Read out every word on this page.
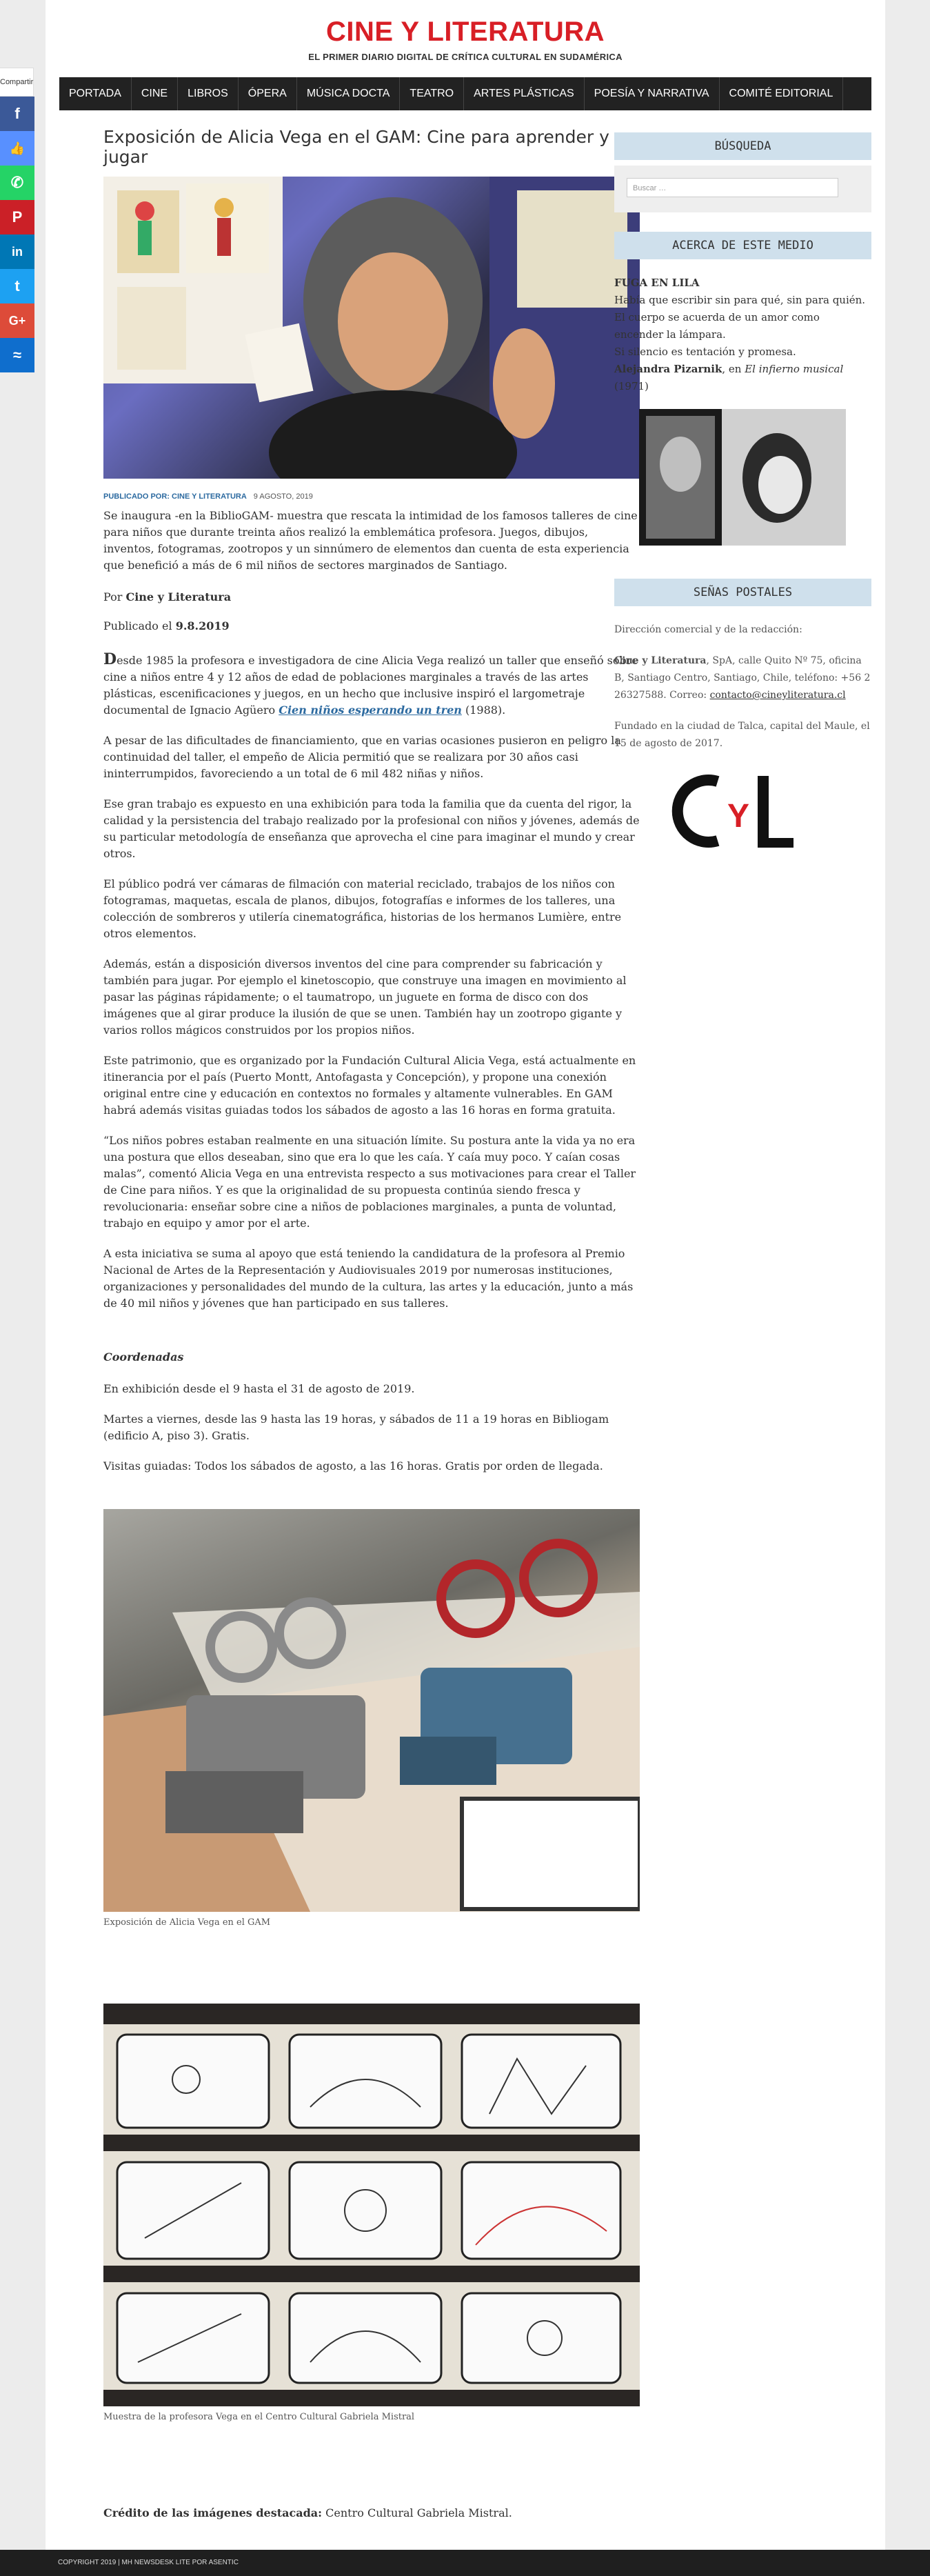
CINE Y LITERATURA
EL PRIMER DIARIO DIGITAL DE CRÍTICA CULTURAL EN SUDAMÉRICA
PORTADA	CINE	LIBROS	ÓPERA	MÚSICA DOCTA	TEATRO	ARTES PLÁSTICAS	POESÍA Y NARRATIVA	COMITÉ EDITORIAL
Exposición de Alicia Vega en el GAM: Cine para aprender y jugar
PUBLICADO POR: CINE Y LITERATURA 9 AGOSTO, 2019

Se inaugura -en la BiblioGAM- muestra que rescata la intimidad de los famosos talleres de cine para niños que durante treinta años realizó la emblemática profesora. Juegos, dibujos, inventos, fotogramas, zootropos y un sinnúmero de elementos dan cuenta de esta experiencia que benefició a más de 6 mil niños de sectores marginados de Santiago.

Por Cine y Literatura

Publicado el 9.8.2019

Desde 1985 la profesora e investigadora de cine Alicia Vega realizó un taller que enseñó sobre cine a niños entre 4 y 12 años de edad de poblaciones marginales a través de las artes plásticas, escenificaciones y juegos, en un hecho que inclusive inspiró el largometraje documental de Ignacio Agüero Cien niños esperando un tren (1988).

A pesar de las dificultades de financiamiento, que en varias ocasiones pusieron en peligro la continuidad del taller, el empeño de Alicia permitió que se realizara por 30 años casi ininterrumpidos, favoreciendo a un total de 6 mil 482 niñas y niños.

Ese gran trabajo es expuesto en una exhibición para toda la familia que da cuenta del rigor, la calidad y la persistencia del trabajo realizado por la profesional con niños y jóvenes, además de su particular metodología de enseñanza que aprovecha el cine para imaginar el mundo y crear otros.

El público podrá ver cámaras de filmación con material reciclado, trabajos de los niños con fotogramas, maquetas, escala de planos, dibujos, fotografías e informes de los talleres, una colección de sombreros y utilería cinematográfica, historias de los hermanos Lumière, entre otros elementos.

Además, están a disposición diversos inventos del cine para comprender su fabricación y también para jugar. Por ejemplo el kinetoscopio, que construye una imagen en movimiento al pasar las páginas rápidamente; o el taumatropo, un juguete en forma de disco con dos imágenes que al girar produce la ilusión de que se unen. También hay un zootropo gigante y varios rollos mágicos construidos por los propios niños.

Este patrimonio, que es organizado por la Fundación Cultural Alicia Vega, está actualmente en itinerancia por el país (Puerto Montt, Antofagasta y Concepción), y propone una conexión original entre cine y educación en contextos no formales y altamente vulnerables. En GAM habrá además visitas guiadas todos los sábados de agosto a las 16 horas en forma gratuita.

“Los niños pobres estaban realmente en una situación límite. Su postura ante la vida ya no era una postura que ellos deseaban, sino que era lo que les caía. Y caía muy poco. Y caían cosas malas”, comentó Alicia Vega en una entrevista respecto a sus motivaciones para crear el Taller de Cine para niños. Y es que la originalidad de su propuesta continúa siendo fresca y revolucionaria: enseñar sobre cine a niños de poblaciones marginales, a punta de voluntad, trabajo en equipo y amor por el arte.

A esta iniciativa se suma al apoyo que está teniendo la candidatura de la profesora al Premio Nacional de Artes de la Representación y Audiovisuales 2019 por numerosas instituciones, organizaciones y personalidades del mundo de la cultura, las artes y la educación, junto a más de 40 mil niños y jóvenes que han participado en sus talleres.

Coordenadas

En exhibición desde el 9 hasta el 31 de agosto de 2019.

Martes a viernes, desde las 9 hasta las 19 horas, y sábados de 11 a 19 horas en Bibliogam (edificio A, piso 3). Gratis.

Visitas guiadas: Todos los sábados de agosto, a las 16 horas. Gratis por orden de llegada.

Exposición de Alicia Vega en el GAM
Muestra de la profesora Vega en el Centro Cultural Gabriela Mistral

Crédito de las imágenes destacada: Centro Cultural Gabriela Mistral.

BÚSQUEDA
Buscar …
ACERCA DE ESTE MEDIO

FUGA EN LILA

Había que escribir sin para qué, sin para quién.

El cuerpo se acuerda de un amor como encender la lámpara.

Si silencio es tentación y promesa.

Alejandra Pizarnik, en El infierno musical (1971)

SEÑAS POSTALES

Dirección comercial y de la redacción:

Cine y Literatura, SpA, calle Quito Nº 75, oficina B, Santiago Centro, Santiago, Chile, teléfono: +56 2 26327588. Correo: contacto@cineyliteratura.cl

Fundado en la ciudad de Talca, capital del Maule, el 15 de agosto de 2017.

Y
Compartir
f
👍
✆
P
in
t
G+
≈
COPYRIGHT 2019 | MH NEWSDESK LITE POR ASENTIC
